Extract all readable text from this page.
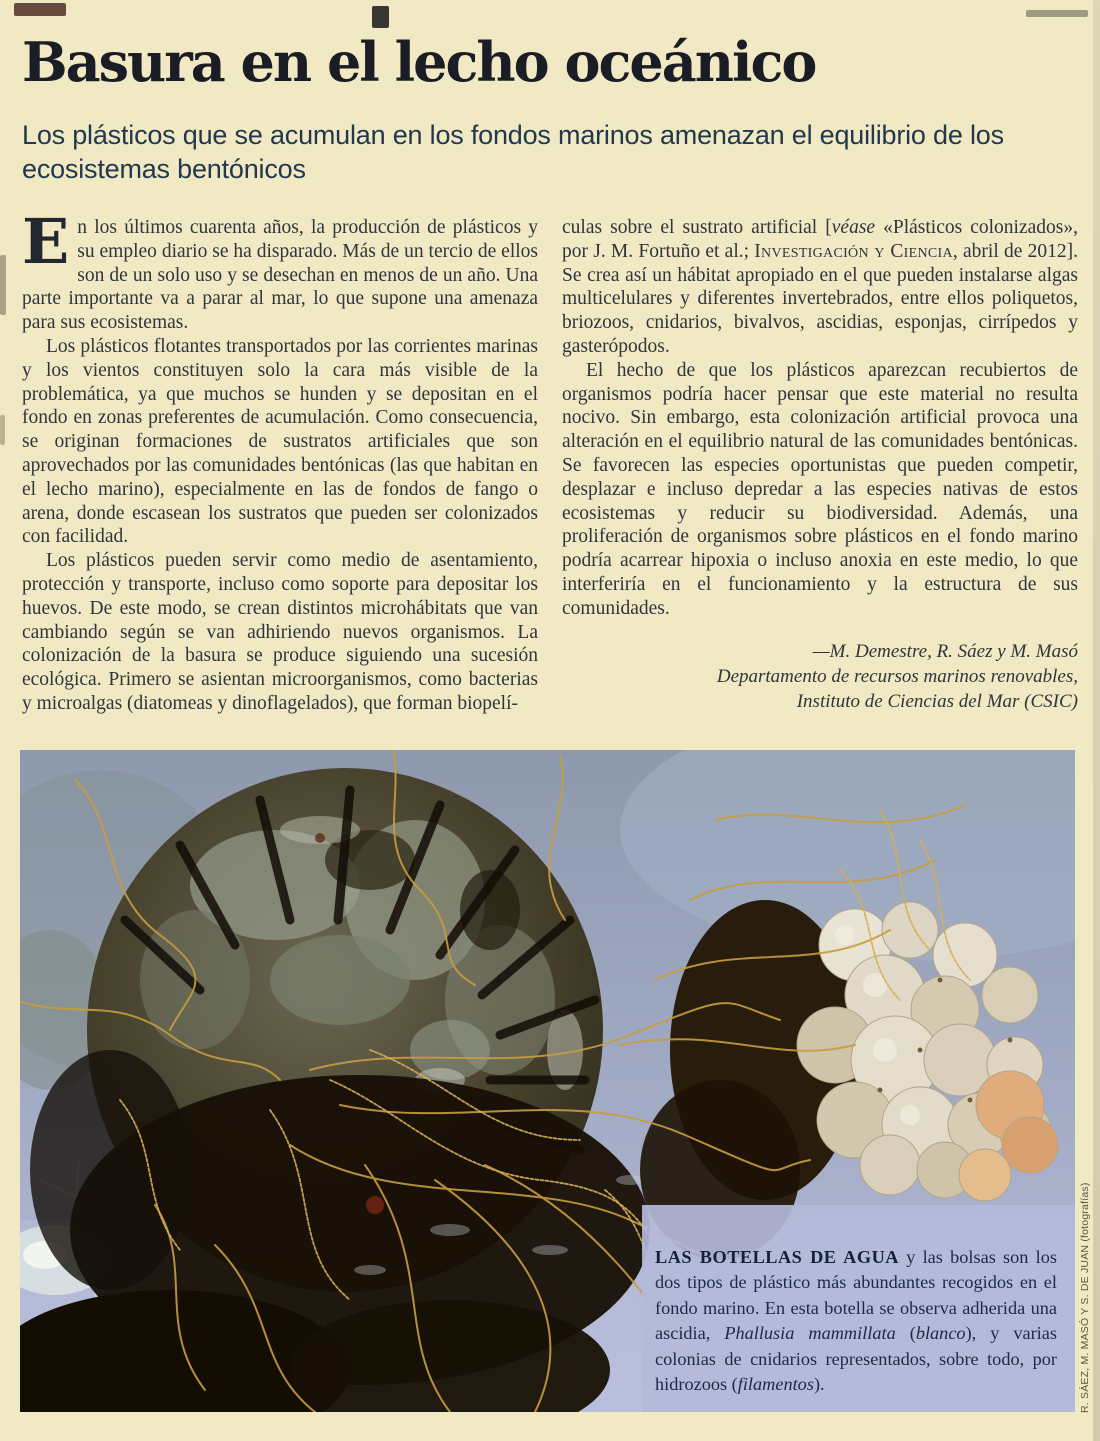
Basura en el lecho oceánico
Los plásticos que se acumulan en los fondos marinos amenazan el equilibrio de los ecosistemas bentónicos

En los últimos cuarenta años, la producción de plásticos y su empleo diario se ha disparado. Más de un tercio de ellos son de un solo uso y se desechan en menos de un año. Una parte importante va a parar al mar, lo que supone una amenaza para sus ecosistemas.

Los plásticos flotantes transportados por las corrientes marinas y los vientos constituyen solo la cara más visible de la problemática, ya que muchos se hunden y se depositan en el fondo en zonas preferentes de acumulación. Como consecuencia, se originan formaciones de sustratos artificiales que son aprovechados por las comunidades bentónicas (las que habitan en el lecho marino), especialmente en las de fondos de fango o arena, donde escasean los sustratos que pueden ser colonizados con facilidad.

Los plásticos pueden servir como medio de asentamiento, protección y transporte, incluso como soporte para depositar los huevos. De este modo, se crean distintos microhábitats que van cambiando según se van adhiriendo nuevos organismos. La colonización de la basura se produce siguiendo una sucesión ecológica. Primero se asientan microorganismos, como bacterias y microalgas (diatomeas y dinoflagelados), que forman biopelí-

culas sobre el sustrato artificial [véase «Plásticos colonizados», por J. M. Fortuño et al.; Investigación y Ciencia, abril de 2012]. Se crea así un hábitat apropiado en el que pueden instalarse algas multicelulares y diferentes invertebrados, entre ellos poliquetos, briozoos, cnidarios, bivalvos, ascidias, esponjas, cirrípedos y gasterópodos.

El hecho de que los plásticos aparezcan recubiertos de organismos podría hacer pensar que este material no resulta nocivo. Sin embargo, esta colonización artificial provoca una alteración en el equilibrio natural de las comunidades bentónicas. Se favorecen las especies oportunistas que pueden competir, desplazar e incluso depredar a las especies nativas de estos ecosistemas y reducir su biodiversidad. Además, una proliferación de organismos sobre plásticos en el fondo marino podría acarrear hipoxia o incluso anoxia en este medio, lo que interferiría en el funcionamiento y la estructura de sus comunidades.

—M. Demestre, R. Sáez y M. Masó
Departamento de recursos marinos renovables,
Instituto de Ciencias del Mar (CSIC)
LAS BOTELLAS DE AGUA y las bolsas son los dos tipos de plástico más abundantes recogidos en el fondo marino. En esta botella se observa adherida una ascidia, Phallusia mammillata (blanco), y varias colonias de cnidarios representados, sobre todo, por hidrozoos (filamentos).	R. SÁEZ, M. MASÓ Y S. DE JUAN (fotografías)
